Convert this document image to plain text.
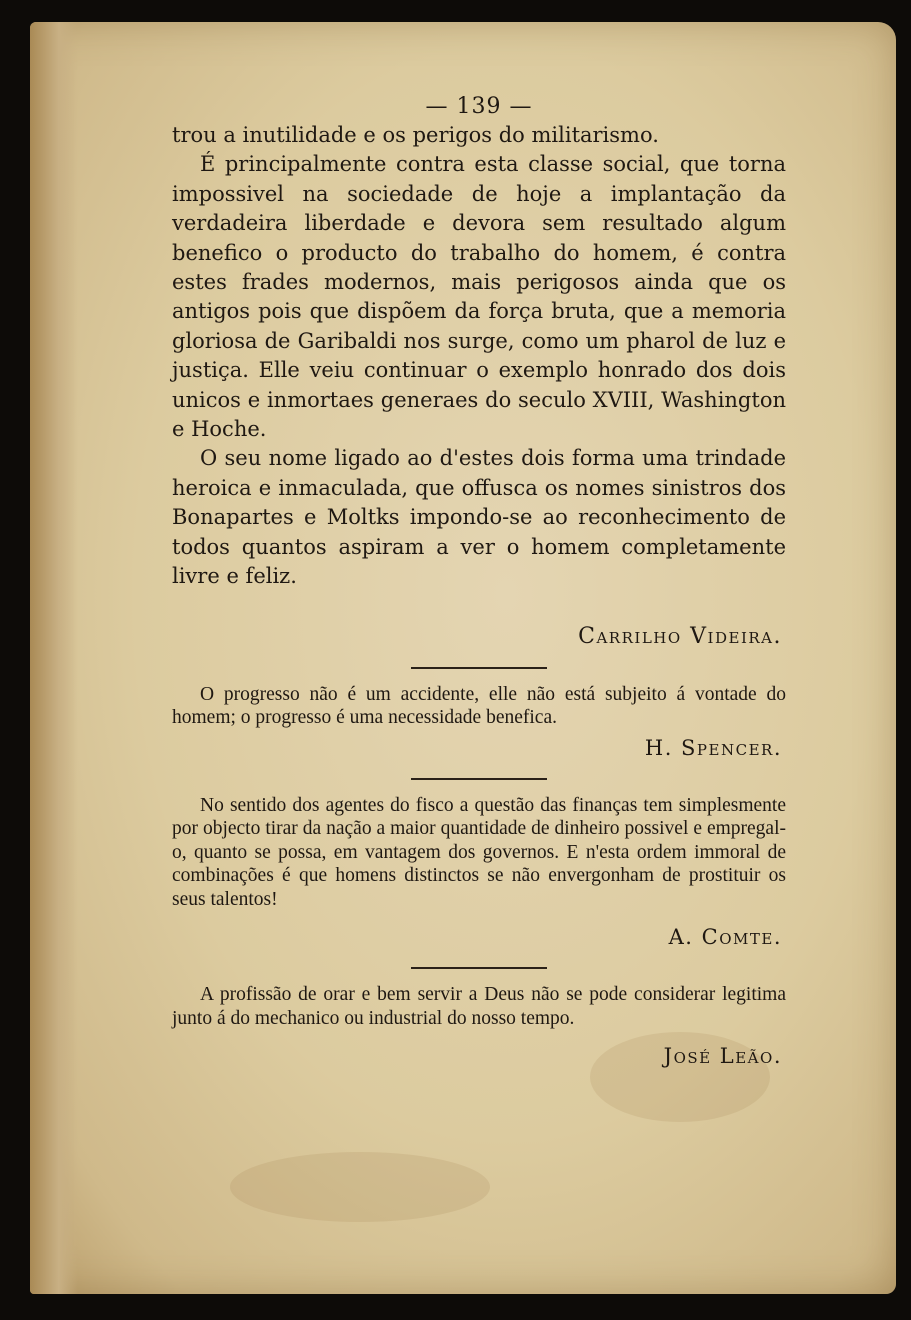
— 139 —

trou a inutilidade e os perigos do militarismo.

É principalmente contra esta classe social, que torna impossivel na sociedade de hoje a implantação da verdadeira liberdade e devora sem resultado algum benefico o producto do trabalho do homem, é contra estes frades modernos, mais perigosos ainda que os antigos pois que dispõem da força bruta, que a memoria gloriosa de Garibaldi nos surge, como um pharol de luz e justiça. Elle veiu continuar o exemplo honrado dos dois unicos e inmortaes generaes do seculo XVIII, Washington e Hoche.

O seu nome ligado ao d'estes dois forma uma trindade heroica e inmaculada, que offusca os nomes sinistros dos Bonapartes e Moltks impondo-se ao reconhecimento de todos quantos aspiram a ver o homem completamente livre e feliz.

Carrilho Videira.

O progresso não é um accidente, elle não está subjeito á vontade do homem; o progresso é uma necessidade benefica.

H. Spencer.

No sentido dos agentes do fisco a questão das finanças tem simplesmente por objecto tirar da nação a maior quantidade de dinheiro possivel e empregal-o, quanto se possa, em vantagem dos governos. E n'esta ordem immoral de combinações é que homens distinctos se não envergonham de prostituir os seus talentos!

A. Comte.

A profissão de orar e bem servir a Deus não se pode considerar legitima junto á do mechanico ou industrial do nosso tempo.

José Leão.
